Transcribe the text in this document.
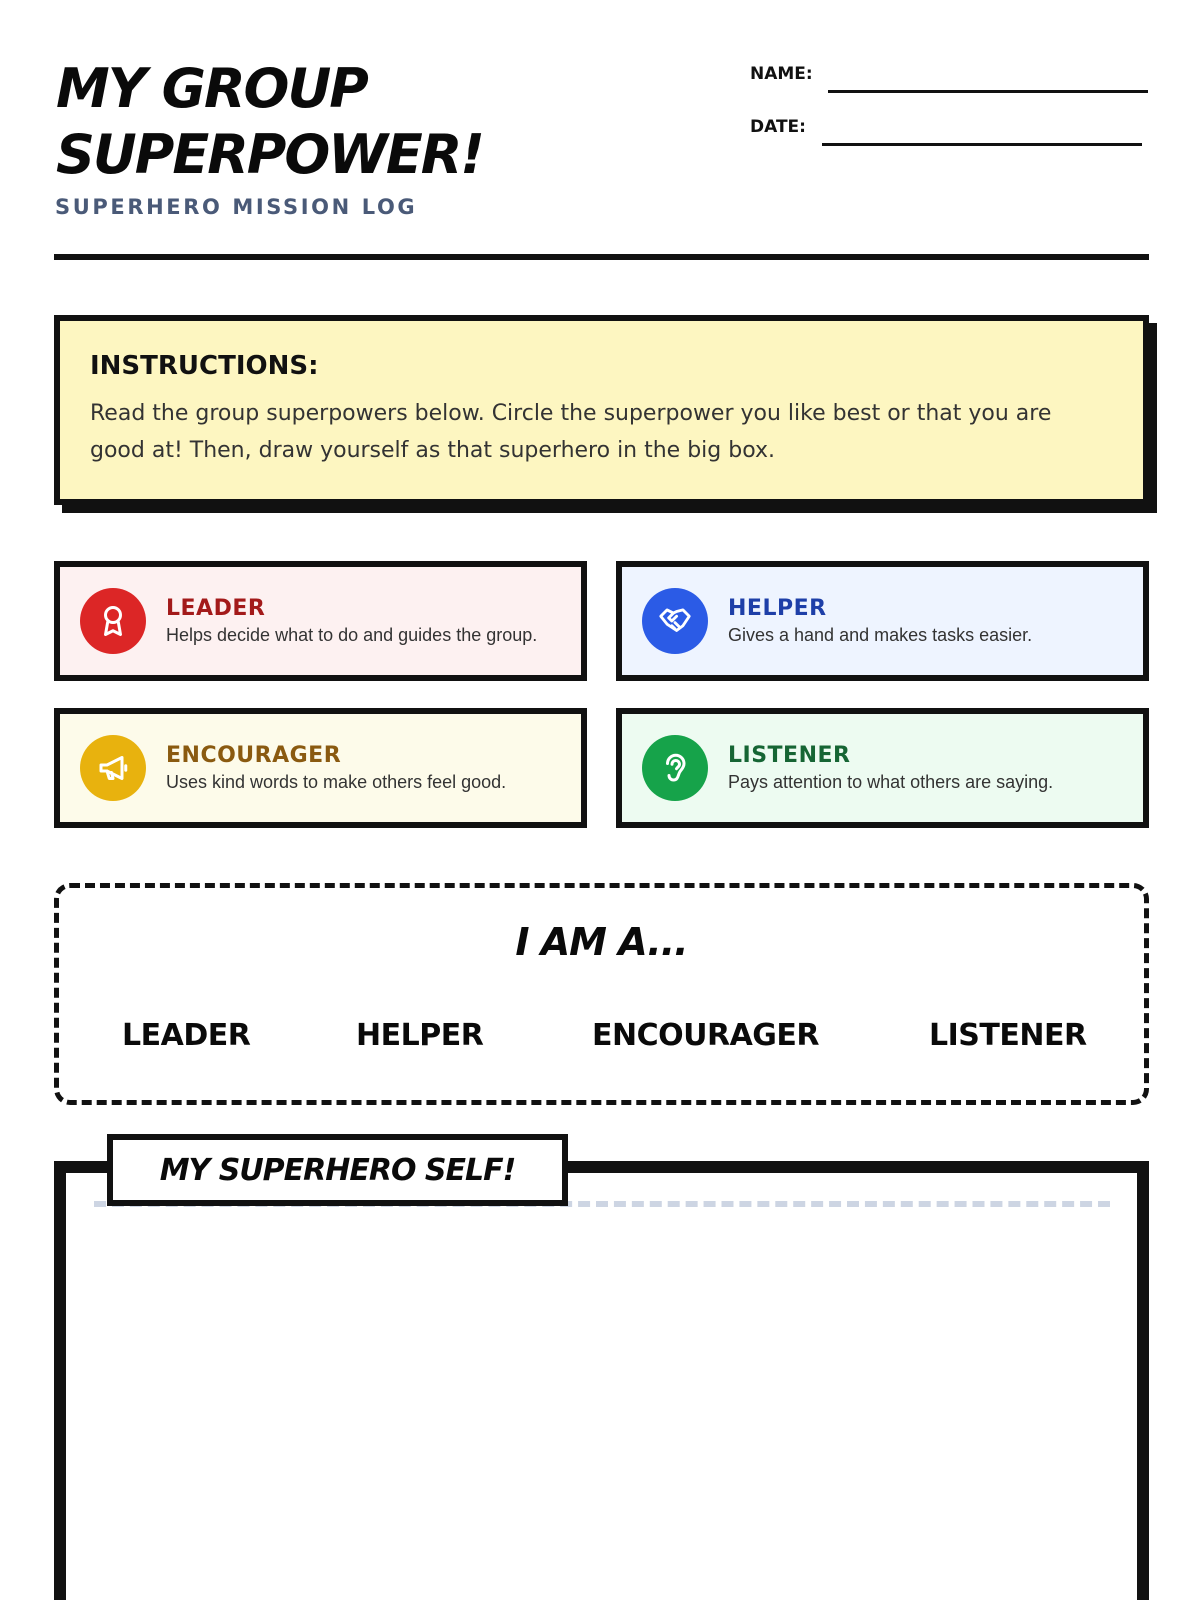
MY GROUP
SUPERPOWER!
SUPERHERO MISSION LOG
NAME:
DATE:
INSTRUCTIONS:
Read the group superpowers below. Circle the superpower you like best or that you are good at! Then, draw yourself as that superhero in the big box.
LEADER
Helps decide what to do and guides the group.
HELPER
Gives a hand and makes tasks easier.
ENCOURAGER
Uses kind words to make others feel good.
LISTENER
Pays attention to what others are saying.
I AM A...
LEADER	HELPER	ENCOURAGER	LISTENER
MY SUPERHERO SELF!
